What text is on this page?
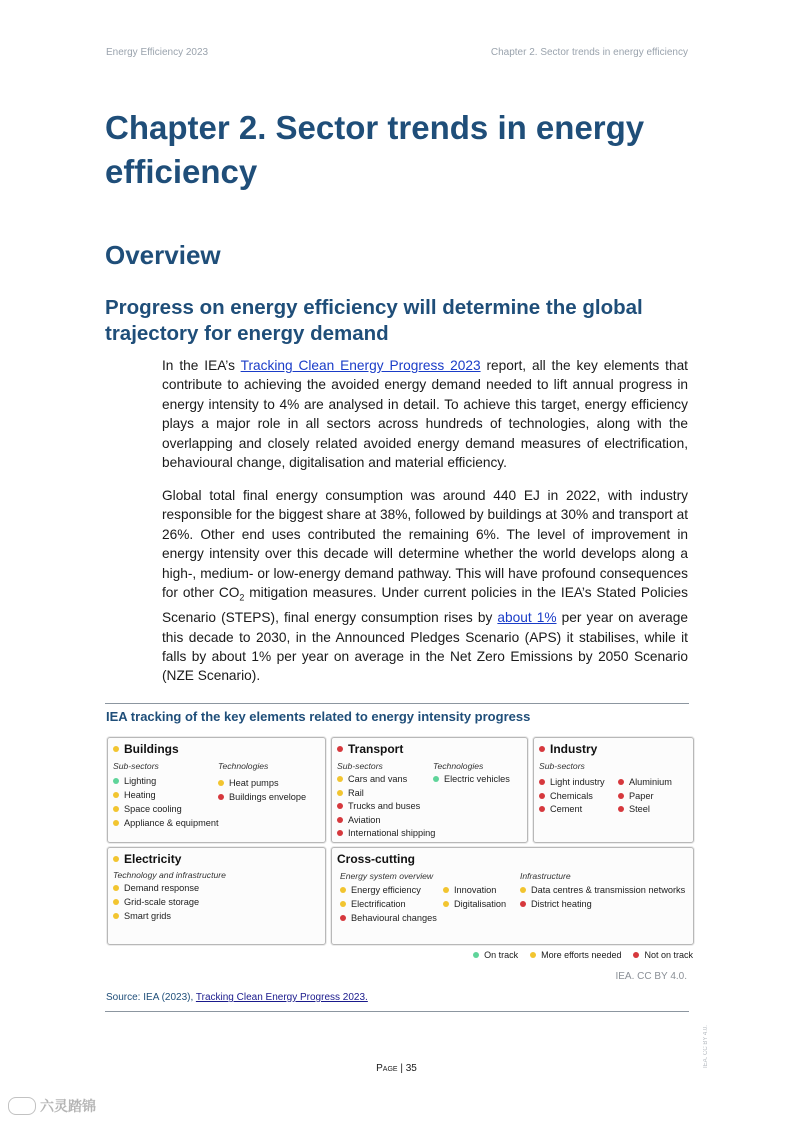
Energy Efficiency 2023	Chapter 2. Sector trends in energy efficiency
Chapter 2. Sector trends in energy efficiency
Overview
Progress on energy efficiency will determine the global trajectory for energy demand

In the IEA’s Tracking Clean Energy Progress 2023 report, all the key elements that contribute to achieving the avoided energy demand needed to lift annual progress in energy intensity to 4% are analysed in detail. To achieve this target, energy efficiency plays a major role in all sectors across hundreds of technologies, along with the overlapping and closely related avoided energy demand measures of electrification, behavioural change, digitalisation and material efficiency.

Global total final energy consumption was around 440 EJ in 2022, with industry responsible for the biggest share at 38%, followed by buildings at 30% and transport at 26%. Other end uses contributed the remaining 6%. The level of improvement in energy intensity over this decade will determine whether the world develops along a high-, medium- or low-energy demand pathway. This will have profound consequences for other $CO_2$ mitigation measures. Under current policies in the IEA’s Stated Policies Scenario (STEPS), final energy consumption rises by about 1% per year on average this decade to 2030, in the Announced Pledges Scenario (APS) it stabilises, while it falls by about 1% per year on average in the Net Zero Emissions by 2050 Scenario (NZE Scenario).

IEA tracking of the key elements related to energy intensity progress
Buildings
Sub-sectors	Technologies
Lighting
Heating
Space cooling
Appliance & equipment
Heat pumps
Buildings envelope
Transport
Sub-sectors	Technologies
Cars and vans
Rail
Trucks and buses
Aviation
International shipping
Electric vehicles
Industry
Sub-sectors
Light industry
Chemicals
Cement
Aluminium
Paper
Steel
Electricity
Technology and infrastructure
Demand response
Grid-scale storage
Smart grids
Cross-cutting
Energy system overview	Infrastructure
Energy efficiency
Electrification
Behavioural changes
Innovation
Digitalisation
Data centres & transmission networks
District heating
On track	More efforts needed	Not on track
IEA. CC BY 4.0.
Source: IEA (2023), Tracking Clean Energy Progress 2023.
Page | 35
IEA. CC BY 4.0.
六灵踏锦
